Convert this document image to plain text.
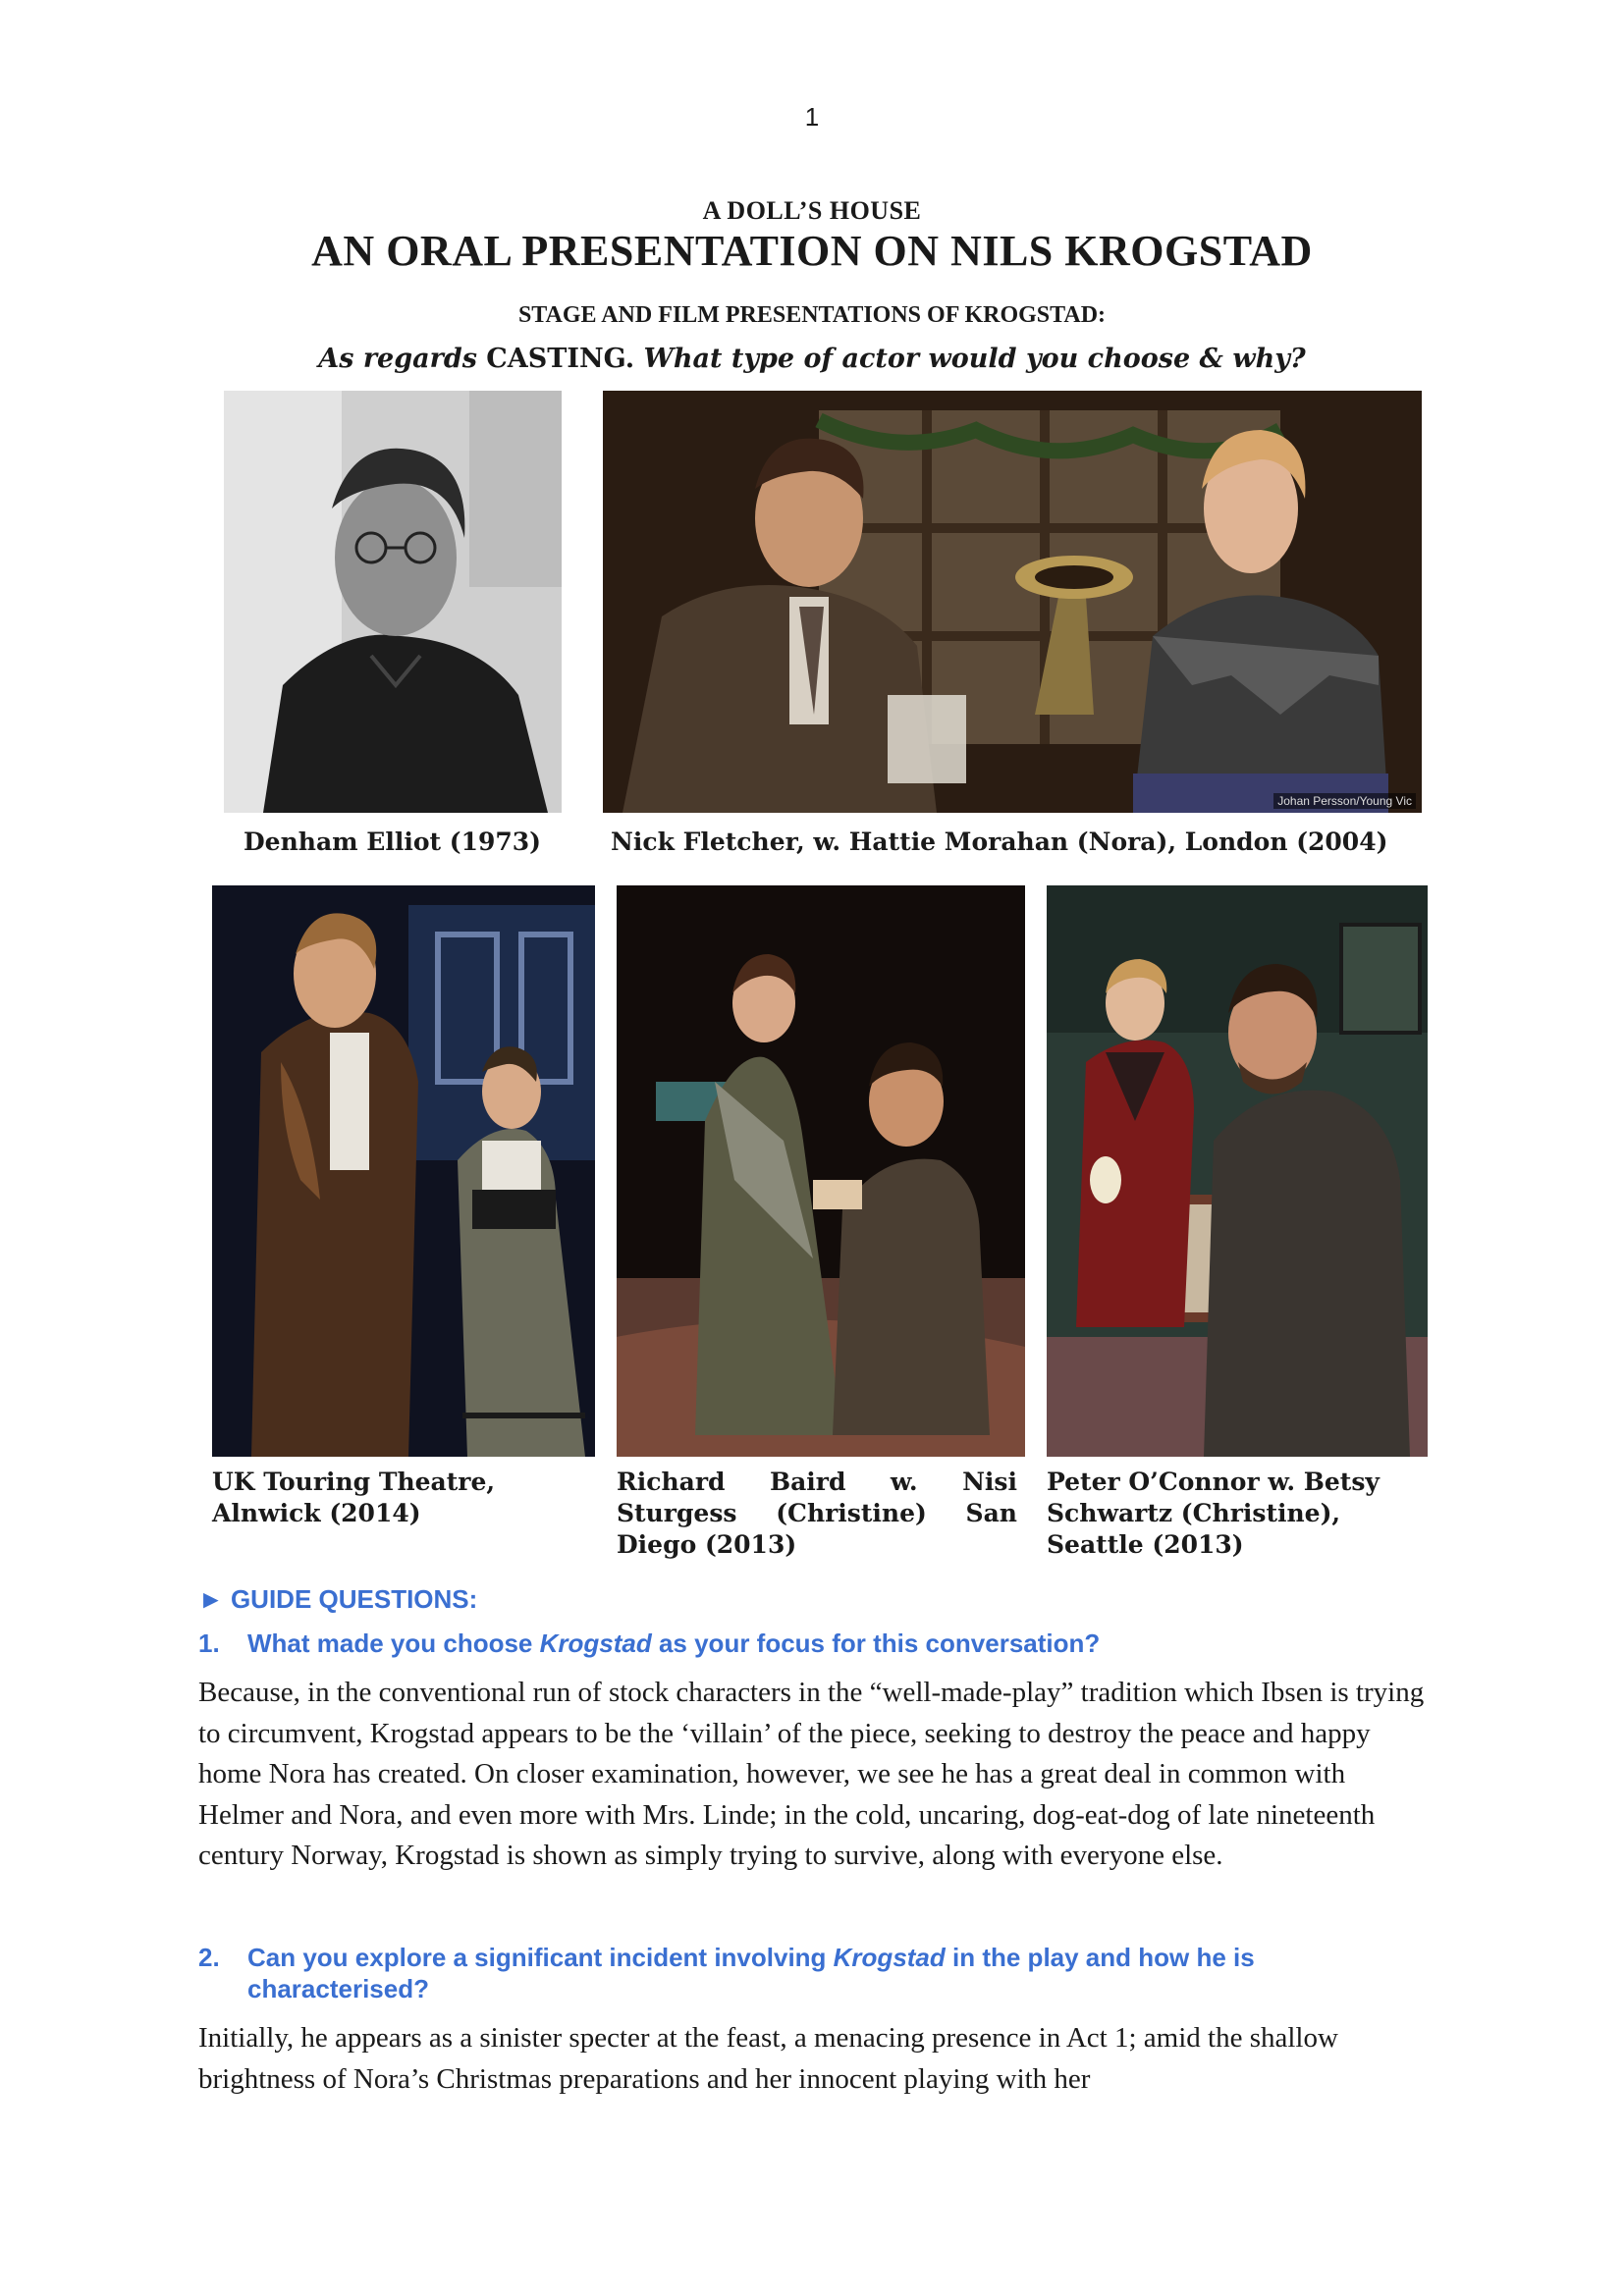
1
A DOLL’S HOUSE
AN ORAL PRESENTATION ON NILS KROGSTAD
STAGE AND FILM PRESENTATIONS OF KROGSTAD:
As regards CASTING. What type of actor would you choose & why?
Johan Persson/Young Vic
Denham Elliot (1973)	Nick Fletcher, w. Hattie Morahan (Nora), London (2004)
UK Touring Theatre,
Alnwick (2014)
Richard Baird w. Nisi Sturgess (Christine) San Diego (2013)
Peter O’Connor w. Betsy
Schwartz (Christine),
Seattle (2013)
► GUIDE QUESTIONS:
1. What made you choose Krogstad as your focus for this conversation?
Because, in the conventional run of stock characters in the “well-made-play” tradition which Ibsen is trying to circumvent, Krogstad appears to be the ‘villain’ of the piece, seeking to destroy the peace and happy home Nora has created. On closer examination, however, we see he has a great deal in common with Helmer and Nora, and even more with Mrs. Linde; in the cold, uncaring, dog-eat-dog of late nineteenth century Norway, Krogstad is shown as simply trying to survive, along with everyone else.
2. Can you explore a significant incident involving Krogstad in the play and how he is
characterised?
Initially, he appears as a sinister specter at the feast, a menacing presence in Act 1; amid the shallow brightness of Nora’s Christmas preparations and her innocent playing with her
